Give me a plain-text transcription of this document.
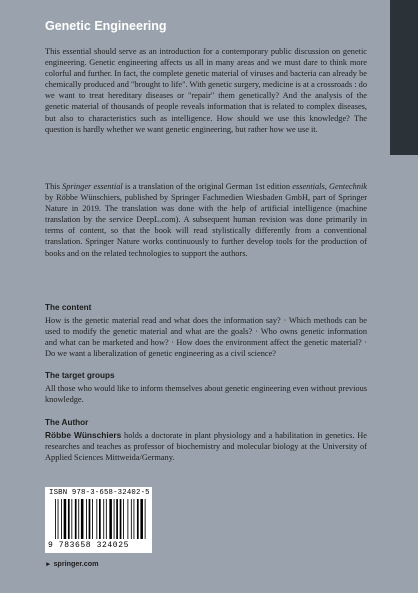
Genetic Engineering
This essential should serve as an introduction for a contemporary public discussion on genetic engineering. Genetic engineering affects us all in many areas and we must dare to think more colorful and further. In fact, the complete genetic material of viruses and bacteria can already be chemically produced and "brought to life". With genetic surgery, medicine is at a crossroads : do we want to treat hereditary diseases or "repair" them genetically? And the analysis of the genetic material of thousands of people reveals information that is related to complex diseases, but also to characteristics such as intelligence. How should we use this knowledge? The question is hardly whether we want genetic engineering, but rather how we use it.
This Springer essential is a translation of the original German 1st edition essentials, Gentechnik by Röbbe Wünschiers, published by Springer Fachmedien Wiesbaden GmbH, part of Springer Nature in 2019. The translation was done with the help of artificial intelligence (machine translation by the service DeepL.com). A subsequent human revision was done primarily in terms of content, so that the book will read stylistically differently from a conventional translation. Springer Nature works continuously to further develop tools for the production of books and on the related technologies to support the authors.
The content
How is the genetic material read and what does the information say? · Which methods can be used to modify the genetic material and what are the goals? · Who owns genetic information and what can be marketed and how? · How does the environment affect the genetic material? · Do we want a liberalization of genetic engineering as a civil science?
The target groups
All those who would like to inform themselves about genetic engineering even without previous knowledge.
The Author
Röbbe Wünschiers holds a doctorate in plant physiology and a habilitation in genetics. He researches and teaches as professor of biochemistry and molecular biology at the University of Applied Sciences Mittweida/Germany.
ISBN 978-3-658-32402-5
9 783658 324025
► springer.com
